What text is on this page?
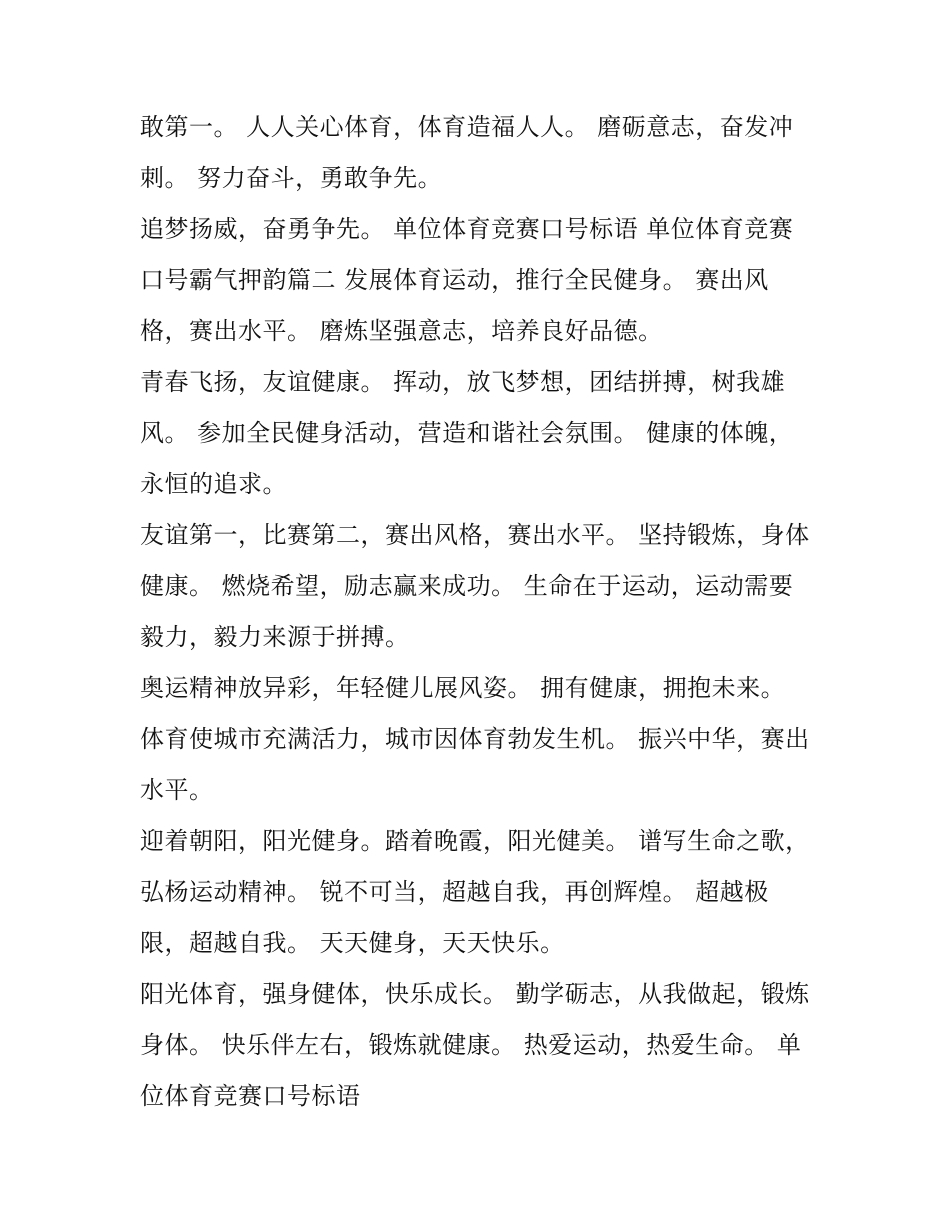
敢第一。 人人关心体育，体育造福人人。 磨砺意志，奋发冲刺。 努力奋斗，勇敢争先。

追梦扬威，奋勇争先。 单位体育竞赛口号标语 单位体育竞赛口号霸气押韵篇二 发展体育运动，推行全民健身。 赛出风格，赛出水平。 磨炼坚强意志，培养良好品德。

青春飞扬，友谊健康。 挥动，放飞梦想，团结拼搏，树我雄风。 参加全民健身活动，营造和谐社会氛围。 健康的体魄，永恒的追求。

友谊第一，比赛第二，赛出风格，赛出水平。 坚持锻炼，身体健康。 燃烧希望，励志赢来成功。 生命在于运动，运动需要毅力，毅力来源于拼搏。

奥运精神放异彩，年轻健儿展风姿。 拥有健康，拥抱未来。 体育使城市充满活力，城市因体育勃发生机。 振兴中华，赛出水平。

迎着朝阳，阳光健身。踏着晚霞，阳光健美。 谱写生命之歌，弘杨运动精神。 锐不可当，超越自我，再创辉煌。 超越极限，超越自我。 天天健身，天天快乐。

阳光体育，强身健体，快乐成长。 勤学砺志，从我做起，锻炼身体。 快乐伴左右，锻炼就健康。 热爱运动，热爱生命。 单位体育竞赛口号标语
